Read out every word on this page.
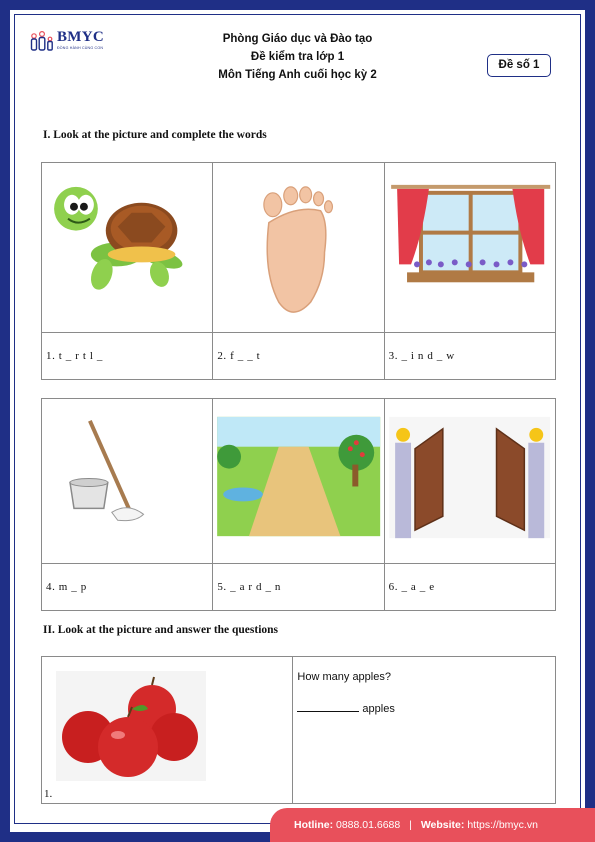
BMYC
ĐỒNG HÀNH CÙNG CON
Phòng Giáo dục và Đào tạo
Đề kiểm tra lớp 1
Môn Tiếng Anh cuối học kỳ 2
Đề số 1
I. Look at the picture and complete the words

1. t _ r t l _	2. f _ _ t	3. _ i n d _ w

4. m _ p	5. _ a r d _ n	6. _ a _ e
II. Look at the picture and answer the questions
1.

How many apples?
apples
Hotline: 0888.01.6688 | Website: https://bmyc.vn
